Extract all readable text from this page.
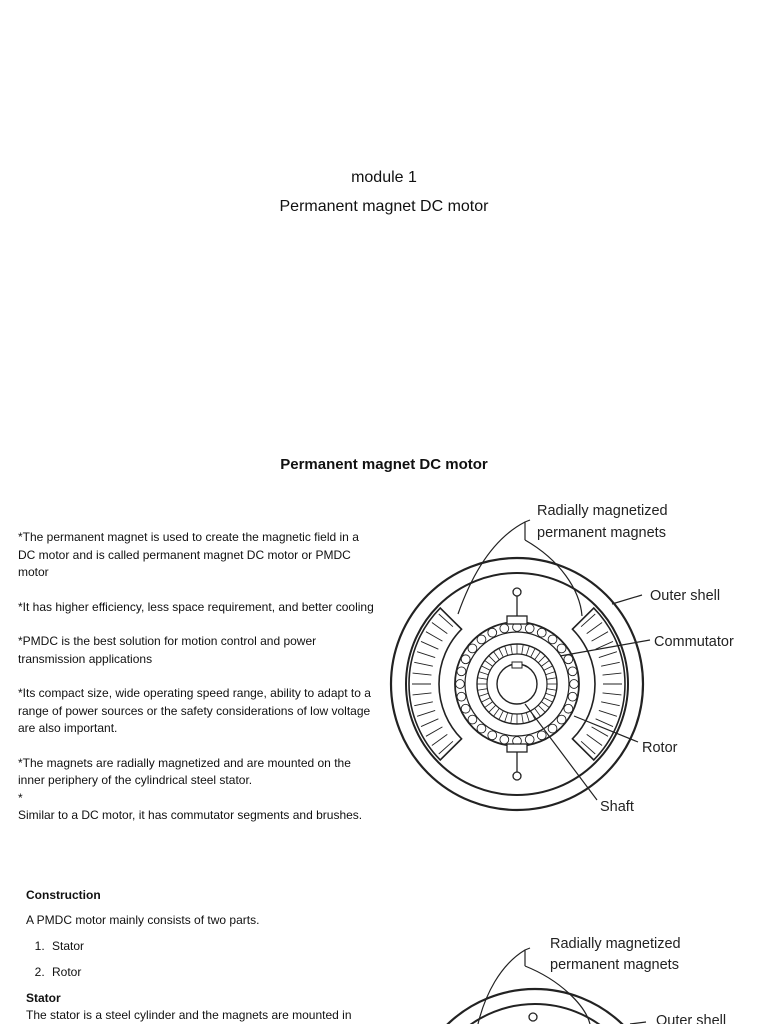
module 1
Permanent magnet DC motor
Permanent magnet DC motor

*The permanent magnet is used to create the magnetic field in a DC motor and is called permanent magnet DC motor or PMDC motor

*It has higher efficiency, less space requirement, and better cooling

*PMDC is the best solution for motion control and power transmission applications

*Its compact size, wide operating speed range, ability to adapt to a range of power sources or the safety considerations of low voltage are also important.

*The magnets are radially magnetized and are mounted on the inner periphery of the cylindrical steel stator.

*

Similar to a DC motor, it has commutator segments and brushes.

Radially magnetized
permanent magnets
Outer shell
Commutator
Rotor
Shaft
Construction
A PMDC motor mainly consists of two parts.
1. Stator
2. Rotor
Stator
The stator is a steel cylinder and the magnets are mounted in
Radially magnetized
permanent magnets
Outer shell
